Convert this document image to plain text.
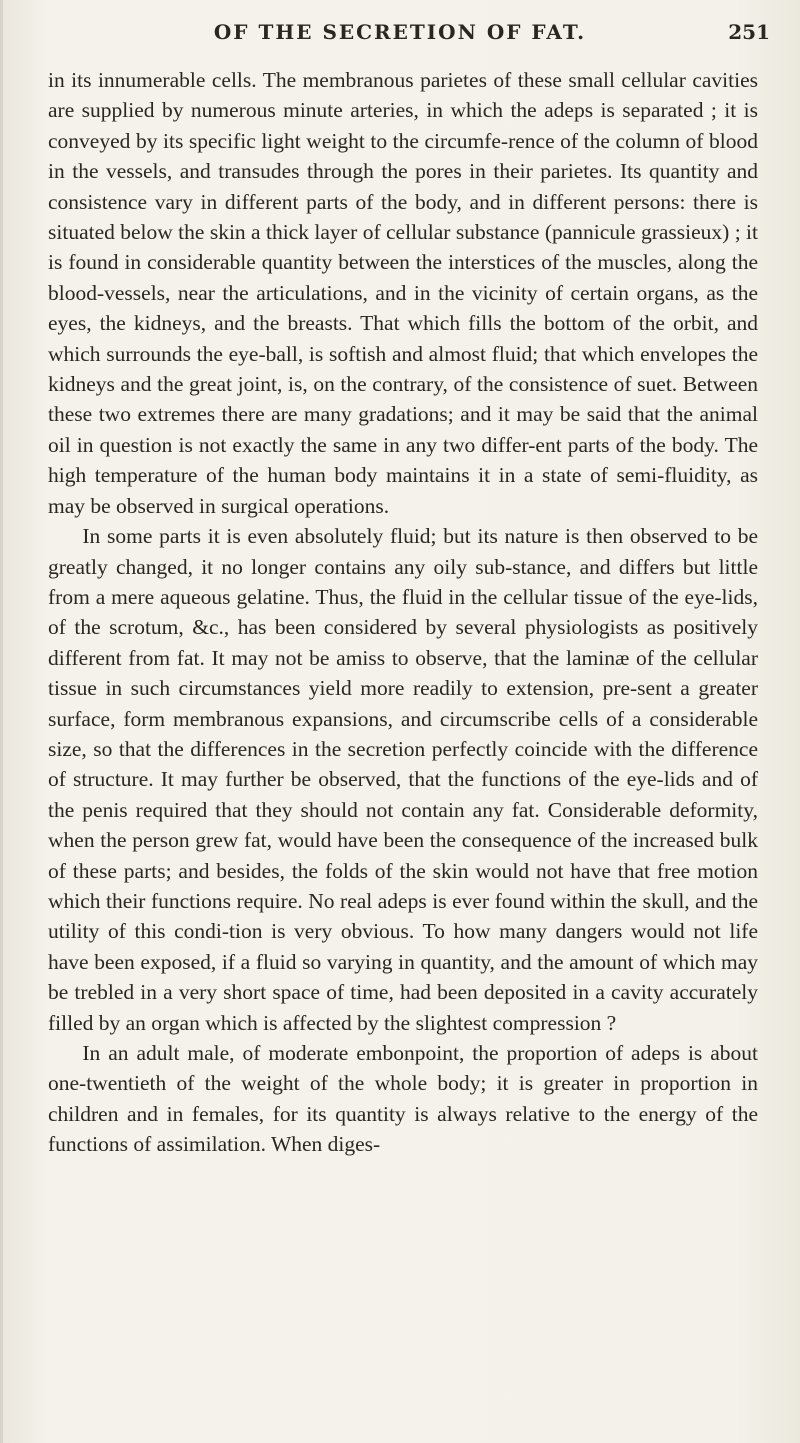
OF THE SECRETION OF FAT.	251

in its innumerable cells. The membranous parietes of these small cellular cavities are supplied by numerous minute arteries, in which the adeps is separated ; it is conveyed by its specific light weight to the circumfe-rence of the column of blood in the vessels, and transudes through the pores in their parietes. Its quantity and consistence vary in different parts of the body, and in different persons: there is situated below the skin a thick layer of cellular substance (pannicule grassieux) ; it is found in considerable quantity between the interstices of the muscles, along the blood-vessels, near the articulations, and in the vicinity of certain organs, as the eyes, the kidneys, and the breasts. That which fills the bottom of the orbit, and which surrounds the eye-ball, is softish and almost fluid; that which envelopes the kidneys and the great joint, is, on the contrary, of the consistence of suet. Between these two extremes there are many gradations; and it may be said that the animal oil in question is not exactly the same in any two differ-ent parts of the body. The high temperature of the human body maintains it in a state of semi-fluidity, as may be observed in surgical operations.

In some parts it is even absolutely fluid; but its nature is then observed to be greatly changed, it no longer contains any oily sub-stance, and differs but little from a mere aqueous gelatine. Thus, the fluid in the cellular tissue of the eye-lids, of the scrotum, &c., has been considered by several physiologists as positively different from fat. It may not be amiss to observe, that the laminæ of the cellular tissue in such circumstances yield more readily to extension, pre-sent a greater surface, form membranous expansions, and circumscribe cells of a considerable size, so that the differences in the secretion perfectly coincide with the difference of structure. It may further be observed, that the functions of the eye-lids and of the penis required that they should not contain any fat. Considerable deformity, when the person grew fat, would have been the consequence of the increased bulk of these parts; and besides, the folds of the skin would not have that free motion which their functions require. No real adeps is ever found within the skull, and the utility of this condi-tion is very obvious. To how many dangers would not life have been exposed, if a fluid so varying in quantity, and the amount of which may be trebled in a very short space of time, had been deposited in a cavity accurately filled by an organ which is affected by the slightest compression ?

In an adult male, of moderate embonpoint, the proportion of adeps is about one-twentieth of the weight of the whole body; it is greater in proportion in children and in females, for its quantity is always relative to the energy of the functions of assimilation. When diges-
